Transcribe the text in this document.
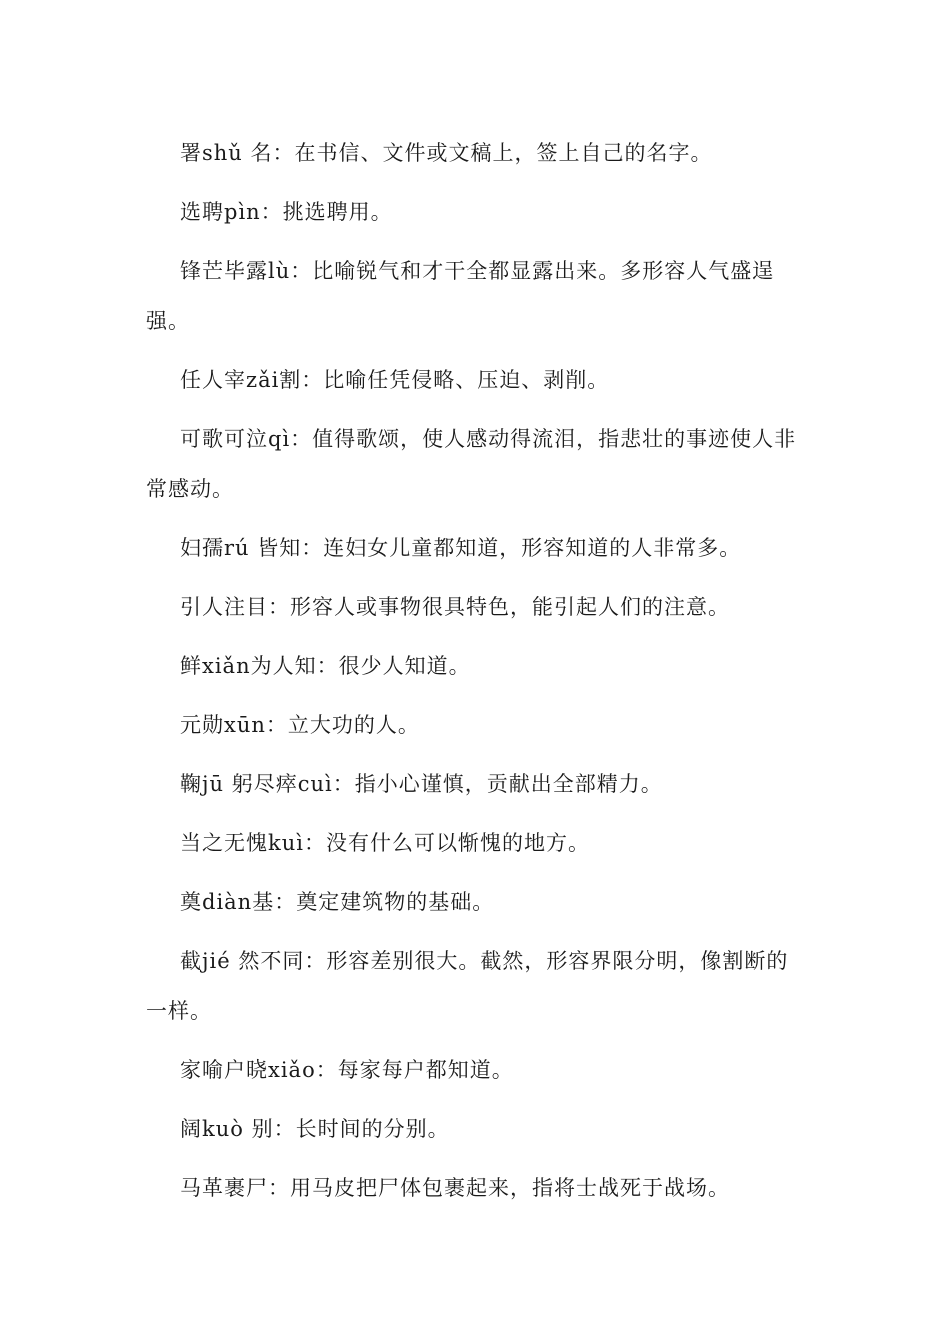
署shǔ 名：在书信、文件或文稿上，签上自己的名字。

选聘pìn：挑选聘用。

锋芒毕露lù：比喻锐气和才干全都显露出来。多形容人气盛逞强。

任人宰zǎi割：比喻任凭侵略、压迫、剥削。

可歌可泣qì：值得歌颂，使人感动得流泪，指悲壮的事迹使人非常感动。

妇孺rú 皆知：连妇女儿童都知道，形容知道的人非常多。

引人注目：形容人或事物很具特色，能引起人们的注意。

鲜xiǎn为人知：很少人知道。

元勋xūn：立大功的人。

鞠jū 躬尽瘁cuì：指小心谨慎，贡献出全部精力。

当之无愧kuì：没有什么可以惭愧的地方。

奠diàn基：奠定建筑物的基础。

截jié 然不同：形容差别很大。截然，形容界限分明，像割断的一样。

家喻户晓xiǎo：每家每户都知道。

阔kuò 别：长时间的分别。

马革裹尸：用马皮把尸体包裹起来，指将士战死于战场。
